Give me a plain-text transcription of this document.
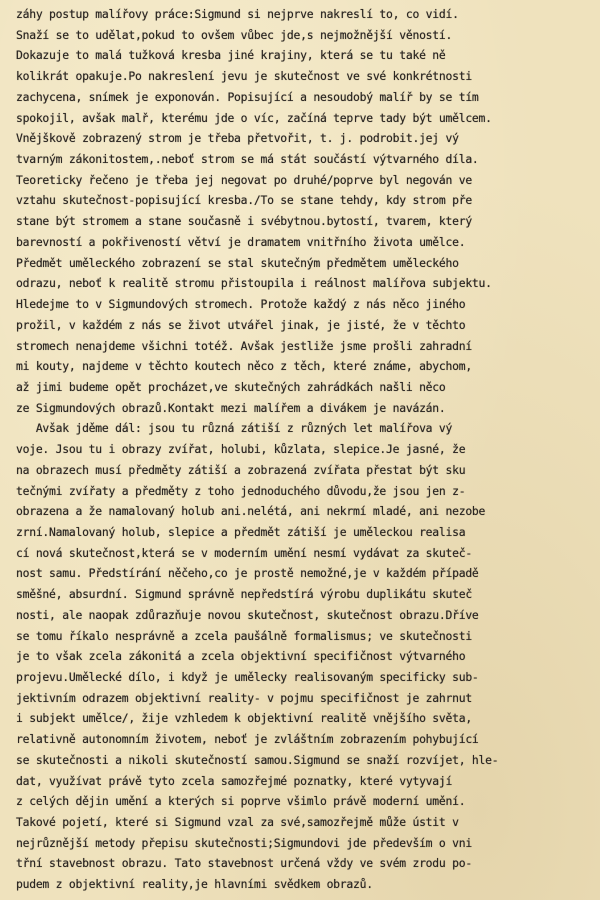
záhy postup malířovy práce:Sigmund si nejprve nakreslí to, co vidí.
Snaží se to udělat,pokud to ovšem vůbec jde,s nejmožnější věností.
Dokazuje to malá tužková kresba jiné krajiny, která se tu také ně
kolikrát opakuje.Po nakreslení jevu je skutečnost ve své konkrétnosti
zachycena, snímek je exponován. Popisující a nesoudobý malíř by se tím
spokojil, avšak malř, kterému jde o víc, začíná teprve tady být umělcem.
Vnějškově zobrazený strom je třeba přetvořit, t. j. podrobit.jej vý
tvarným zákonitostem,.neboť strom se má stát součástí výtvarného díla.
Teoreticky řečeno je třeba jej negovat po druhé/poprve byl negován ve
vztahu skutečnost-popisující kresba./To se stane tehdy, kdy strom pře
stane být stromem a stane současně i svébytnou.bytostí, tvarem, který
barevností a pokřiveností větví je dramatem vnitřního života umělce.
Předmět uměleckého zobrazení se stal skutečným předmětem uměleckého
odrazu, neboť k realitě stromu přistoupila i reálnost malířova subjektu.
Hledejme to v Sigmundových stromech. Protože každý z nás něco jiného
prožil, v každém z nás se život utvářel jinak, je jisté, že v těchto
stromech nenajdeme všichni totéž. Avšak jestliže jsme prošli zahradní
mi kouty, najdeme v těchto koutech něco z těch, které známe, abychom,
až jimi budeme opět procházet,ve skutečných zahrádkách našli něco
ze Sigmundových obrazů.Kontakt mezi malířem a divákem je navázán.
Avšak jděme dál: jsou tu různá zátiší z různých let malířova vý
voje. Jsou tu i obrazy zvířat, holubi, kůzlata, slepice.Je jasné, že
na obrazech musí předměty zátiší a zobrazená zvířata přestat být sku
tečnými zvířaty a předměty z toho jednoduchého důvodu,že jsou jen z-
obrazena a že namalovaný holub ani.nelétá, ani nekrmí mladé, ani nezobe
zrní.Namalovaný holub, slepice a předmět zátiší je uměleckou realisa
cí nová skutečnost,která se v moderním umění nesmí vydávat za skuteč-
nost samu. Předstírání něčeho,co je prostě nemožné,je v každém případě
směšné, absurdní. Sigmund správně nepředstírá výrobu duplikátu skuteč
nosti, ale naopak zdůrazňuje novou skutečnost, skutečnost obrazu.Dříve
se tomu říkalo nesprávně a zcela paušálně formalismus; ve skutečnosti
je to však zcela zákonitá a zcela objektivní specifičnost výtvarného
projevu.Umělecké dílo, i když je umělecky realisovaným specificky sub-
jektivním odrazem objektivní reality- v pojmu specifičnost je zahrnut
i subjekt umělce/, žije vzhledem k objektivní realitě vnějšího světa,
relativně autonomním životem, neboť je zvláštním zobrazením pohybující
se skutečnosti a nikoli skutečností samou.Sigmund se snaží rozvíjet, hle-
dat, využívat právě tyto zcela samozřejmé poznatky, které vytyvají
z celých dějin umění a kterých si poprve všimlo právě moderní umění.
Takové pojetí, které si Sigmund vzal za své,samozřejmě může ústit v
nejrůznější metody přepisu skutečnosti;Sigmundovi jde především o vni
třní stavebnost obrazu. Tato stavebnost určená vždy ve svém zrodu po-
pudem z objektivní reality,je hlavními svědkem obrazů.
